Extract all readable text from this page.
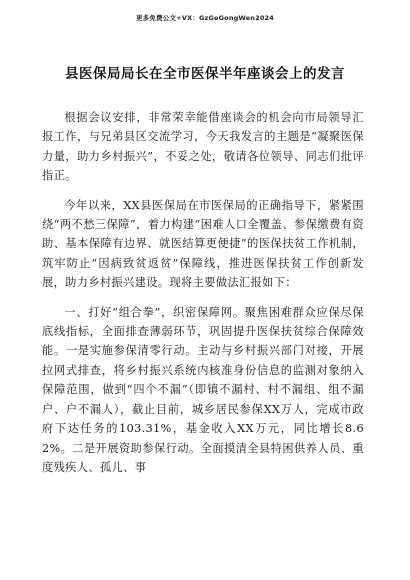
更多免费公文+VX：GzGeGongWen2024
县医保局局长在全市医保半年座谈会上的发言

根据会议安排，非常荣幸能借座谈会的机会向市局领导汇报工作，与兄弟县区交流学习，今天我发言的主题是“凝聚医保力量，助力乡村振兴”，不妥之处，敬请各位领导、同志们批评指正。

今年以来，XX县医保局在市医保局的正确指导下，紧紧围绕“两不愁三保障”，着力构建“困难人口全覆盖、参保缴费有资助、基本保障有边界、就医结算更便捷”的医保扶贫工作机制，筑牢防止“因病致贫返贫”保障线，推进医保扶贫工作创新发展，助力乡村振兴建设。现将主要做法汇报如下：

一、打好“组合拳”，织密保障网。聚焦困难群众应保尽保底线指标，全面排查薄弱环节，巩固提升医保扶贫综合保障效能。一是实施参保清零行动。主动与乡村振兴部门对接，开展拉网式排查，将乡村振兴系统内核准身份信息的监测对象纳入保障范围，做到“四个不漏”（即镇不漏村、村不漏组、组不漏户、户不漏人），截止目前，城乡居民参保XX万人，完成市政府下达任务的103.31%，基金收入XX万元，同比增长8.62%。二是开展资助参保行动。全面摸清全县特困供养人员、重度残疾人、孤儿、事
